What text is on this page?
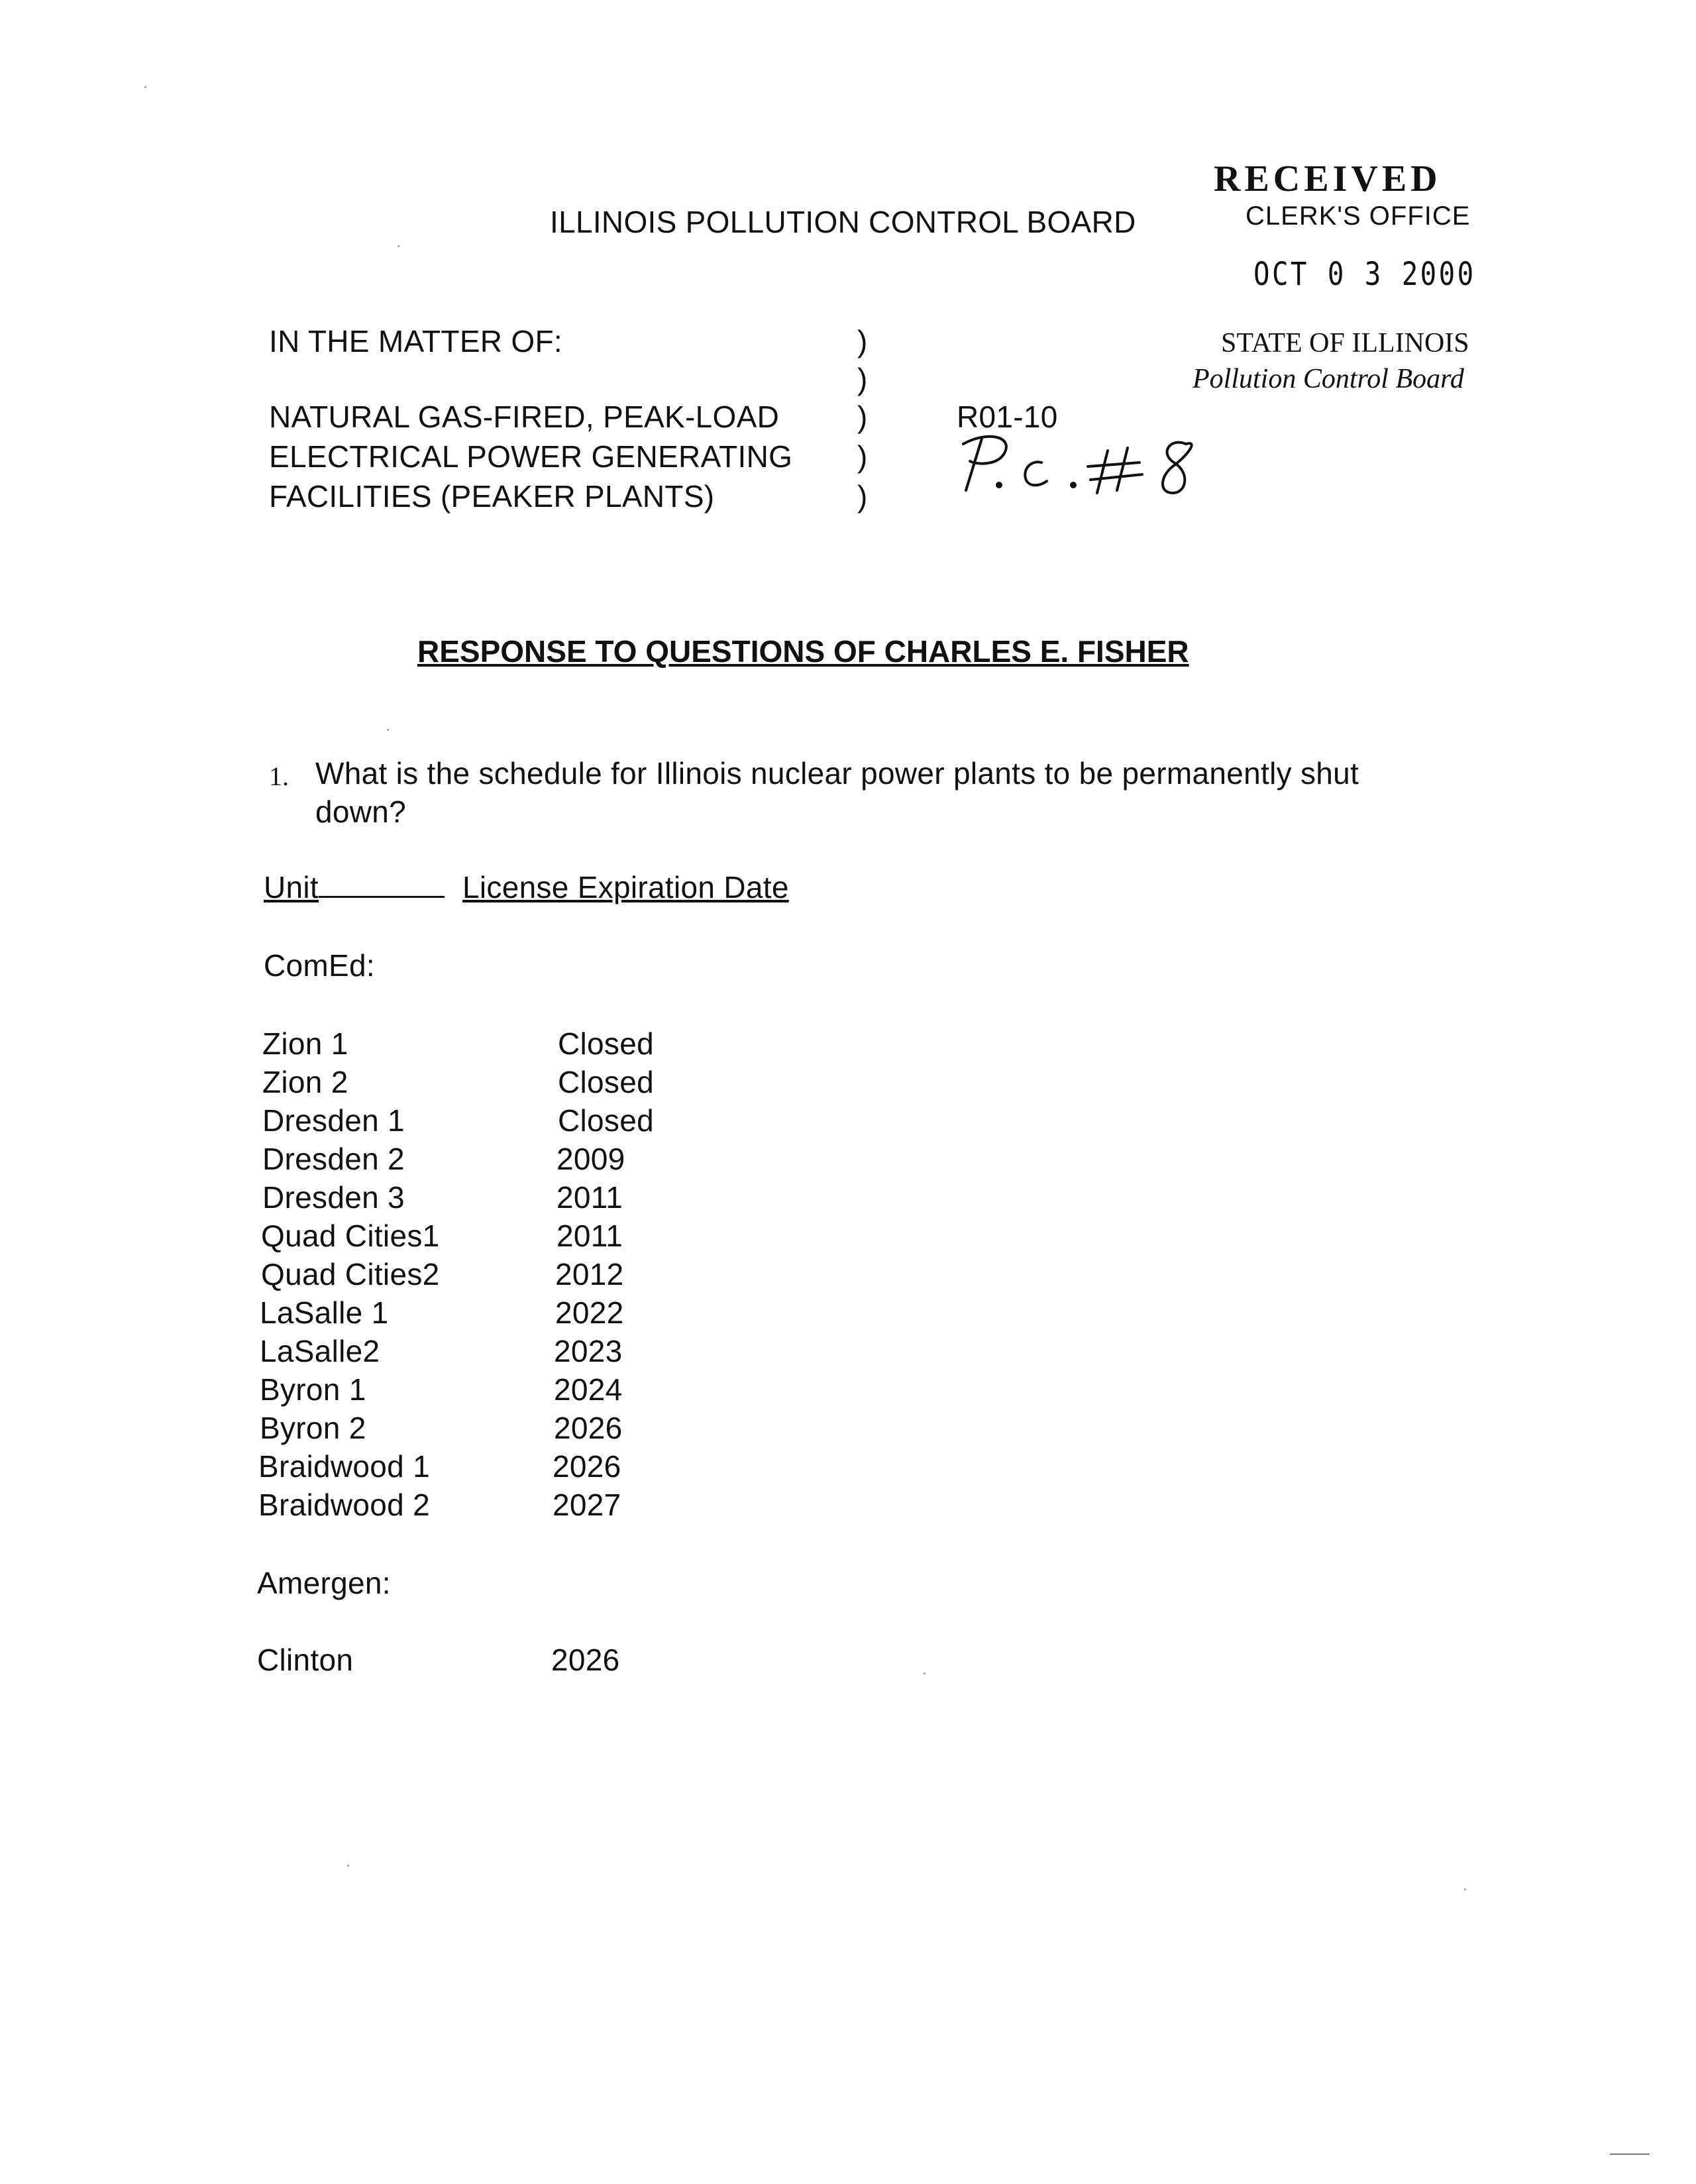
RECEIVED
CLERK'S OFFICE
OCT 0 3 2000
STATE OF ILLINOIS
Pollution Control Board
ILLINOIS POLLUTION CONTROL BOARD
IN THE MATTER OF:
NATURAL GAS-FIRED, PEAK-LOAD
ELECTRICAL POWER GENERATING
FACILITIES (PEAKER PLANTS)
)
)
)
)
)
R01-10
RESPONSE TO QUESTIONS OF CHARLES E. FISHER
1. What is the schedule for Illinois nuclear power plants to be permanently shut
down?
Unit	License Expiration Date
ComEd:
Zion 1	Closed
Zion 2	Closed
Dresden 1	Closed
Dresden 2	2009
Dresden 3	2011
Quad Cities1	2011
Quad Cities2	2012
LaSalle 1	2022
LaSalle2	2023
Byron 1	2024
Byron 2	2026
Braidwood 1	2026
Braidwood 2	2027
Amergen:
Clinton	2026
